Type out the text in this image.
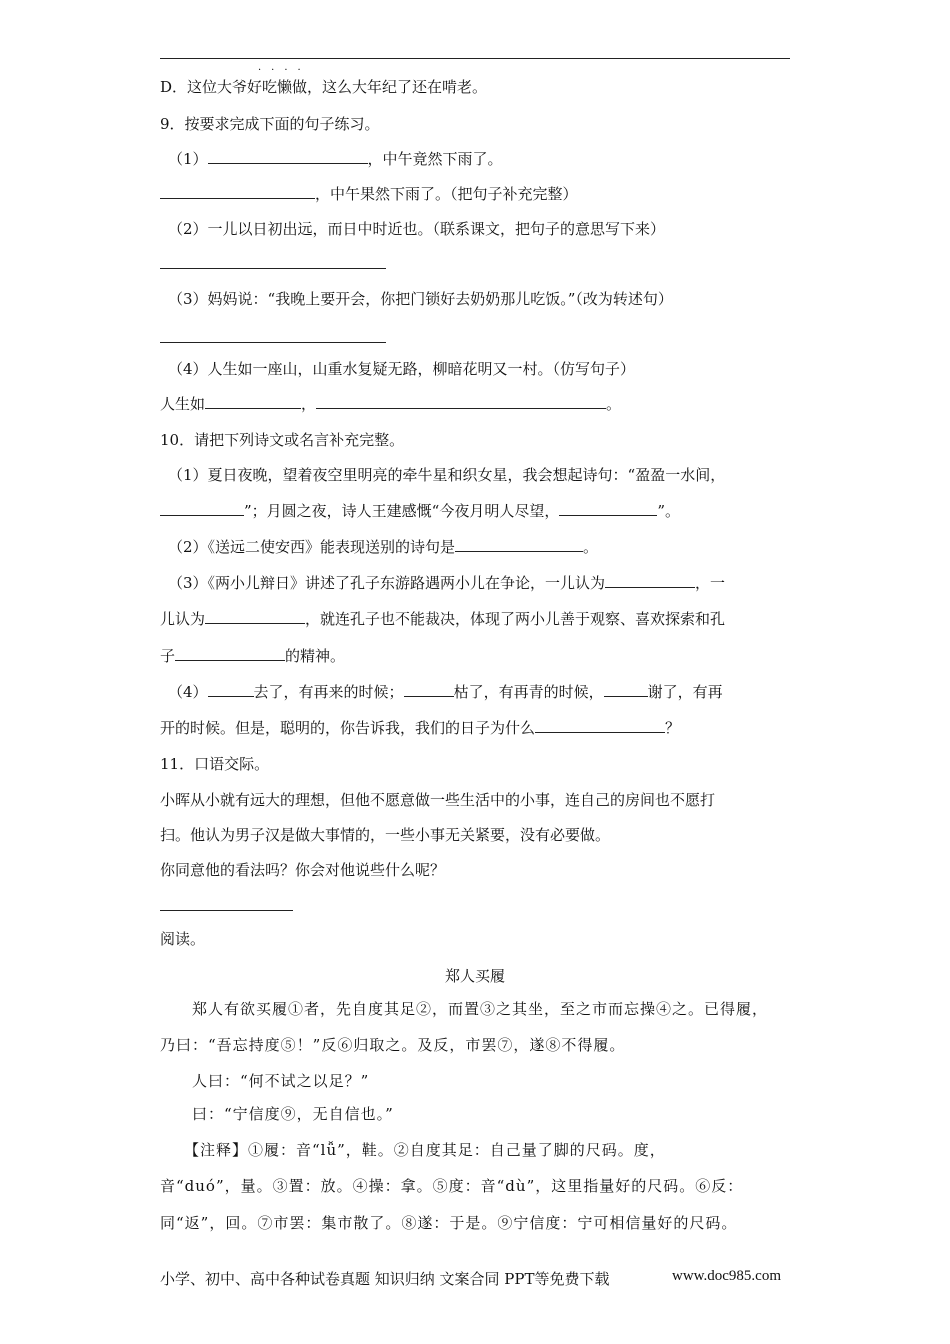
····
D．这位大爷好吃懒做，这么大年纪了还在啃老。
9．按要求完成下面的句子练习。
（1）	，中午竟然下雨了。
，中午果然下雨了。（把句子补充完整）
（2）一儿以日初出远，而日中时近也。（联系课文，把句子的意思写下来）
（3）妈妈说：“我晚上要开会，你把门锁好去奶奶那儿吃饭。”（改为转述句）
（4）人生如一座山，山重水复疑无路，柳暗花明又一村。（仿写句子）
人生如	，	。
10．请把下列诗文或名言补充完整。
（1）夏日夜晚，望着夜空里明亮的牵牛星和织女星，我会想起诗句：“盈盈一水间，
”；月圆之夜，诗人王建感慨“今夜月明人尽望，	”。
（2）《送远二使安西》能表现送别的诗句是	。
（3）《两小儿辩日》讲述了孔子东游路遇两小儿在争论，一儿认为	，一
儿认为	，就连孔子也不能裁决，体现了两小儿善于观察、喜欢探索和孔
子	的精神。
（4）	去了，有再来的时候；	枯了，有再青的时候，	谢了，有再
开的时候。但是，聪明的，你告诉我，我们的日子为什么	？
11．口语交际。
小晖从小就有远大的理想，但他不愿意做一些生活中的小事，连自己的房间也不愿打
扫。他认为男子汉是做大事情的，一些小事无关紧要，没有必要做。
你同意他的看法吗？你会对他说些什么呢？
阅读。
郑人买履
郑人有欲买履①者，先自度其足②，而置③之其坐，至之市而忘操④之。已得履，
乃曰：“吾忘持度⑤！”反⑥归取之。及反，市罢⑦，遂⑧不得履。
人曰：“何不试之以足？”
曰：“宁信度⑨，无自信也。”
【注释】①履：音“lǚ”，鞋。②自度其足：自己量了脚的尺码。度，
音“duó”，量。③置：放。④操：拿。⑤度：音“dù”，这里指量好的尺码。⑥反：
同“返”，回。⑦市罢：集市散了。⑧遂：于是。⑨宁信度：宁可相信量好的尺码。
小学、初中、高中各种试卷真题 知识归纳 文案合同 PPT等免费下载	www.doc985.com
